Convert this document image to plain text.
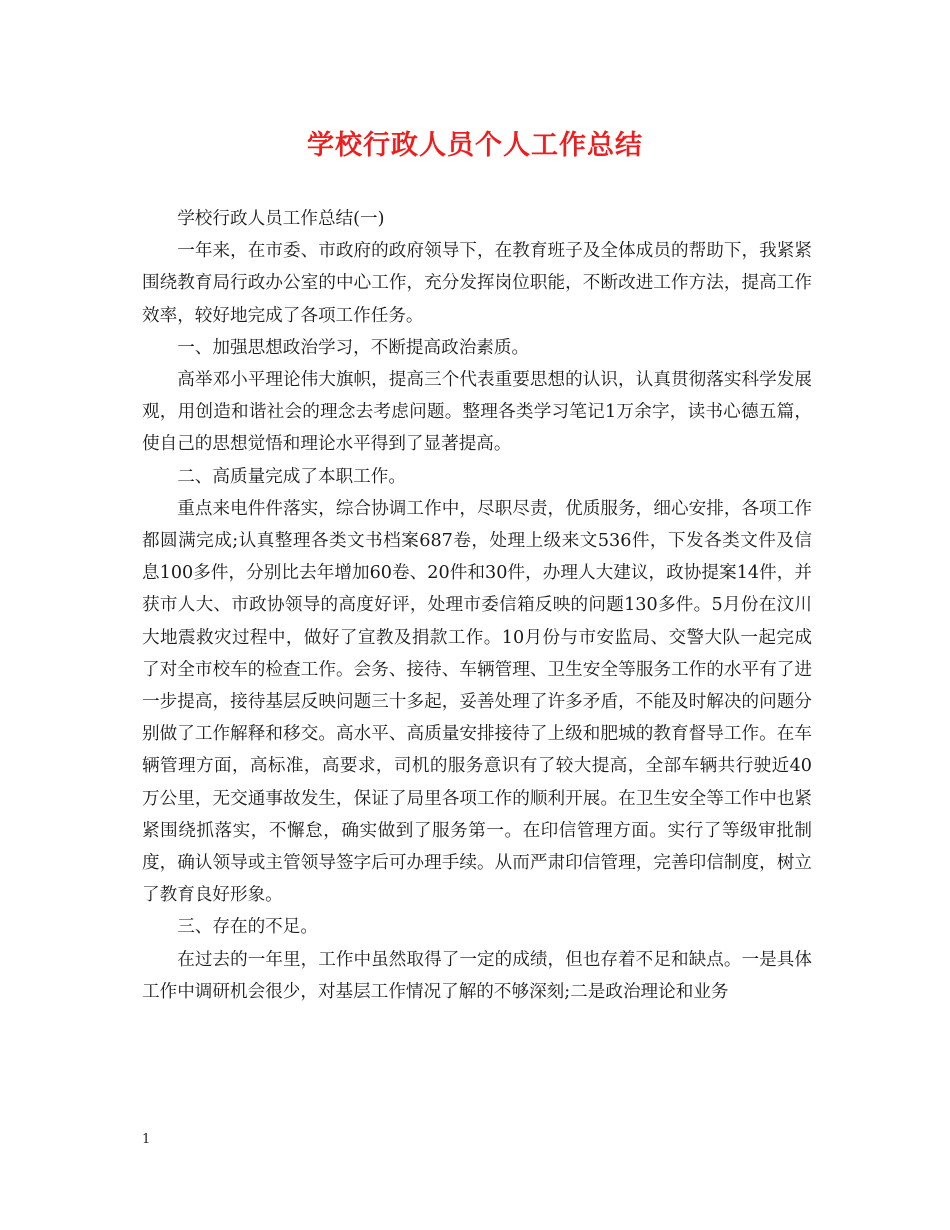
学校行政人员个人工作总结

学校行政人员工作总结(一)

一年来，在市委、市政府的政府领导下，在教育班子及全体成员的帮助下，我紧紧围绕教育局行政办公室的中心工作，充分发挥岗位职能，不断改进工作方法，提高工作效率，较好地完成了各项工作任务。

一、加强思想政治学习，不断提高政治素质。

高举邓小平理论伟大旗帜，提高三个代表重要思想的认识，认真贯彻落实科学发展观，用创造和谐社会的理念去考虑问题。整理各类学习笔记1万余字，读书心德五篇，使自己的思想觉悟和理论水平得到了显著提高。

二、高质量完成了本职工作。

重点来电件件落实，综合协调工作中，尽职尽责，优质服务，细心安排，各项工作都圆满完成;认真整理各类文书档案687卷，处理上级来文536件，下发各类文件及信息100多件，分别比去年增加60卷、20件和30件，办理人大建议，政协提案14件，并获市人大、市政协领导的高度好评，处理市委信箱反映的问题130多件。5月份在汶川大地震救灾过程中，做好了宣教及捐款工作。10月份与市安监局、交警大队一起完成了对全市校车的检查工作。会务、接待、车辆管理、卫生安全等服务工作的水平有了进一步提高，接待基层反映问题三十多起，妥善处理了许多矛盾，不能及时解决的问题分别做了工作解释和移交。高水平、高质量安排接待了上级和肥城的教育督导工作。在车辆管理方面，高标准，高要求，司机的服务意识有了较大提高，全部车辆共行驶近40万公里，无交通事故发生，保证了局里各项工作的顺利开展。在卫生安全等工作中也紧紧围绕抓落实，不懈怠，确实做到了服务第一。在印信管理方面。实行了等级审批制度，确认领导或主管领导签字后可办理手续。从而严肃印信管理，完善印信制度，树立了教育良好形象。

三、存在的不足。

在过去的一年里，工作中虽然取得了一定的成绩，但也存着不足和缺点。一是具体工作中调研机会很少，对基层工作情况了解的不够深刻;二是政治理论和业务

1
